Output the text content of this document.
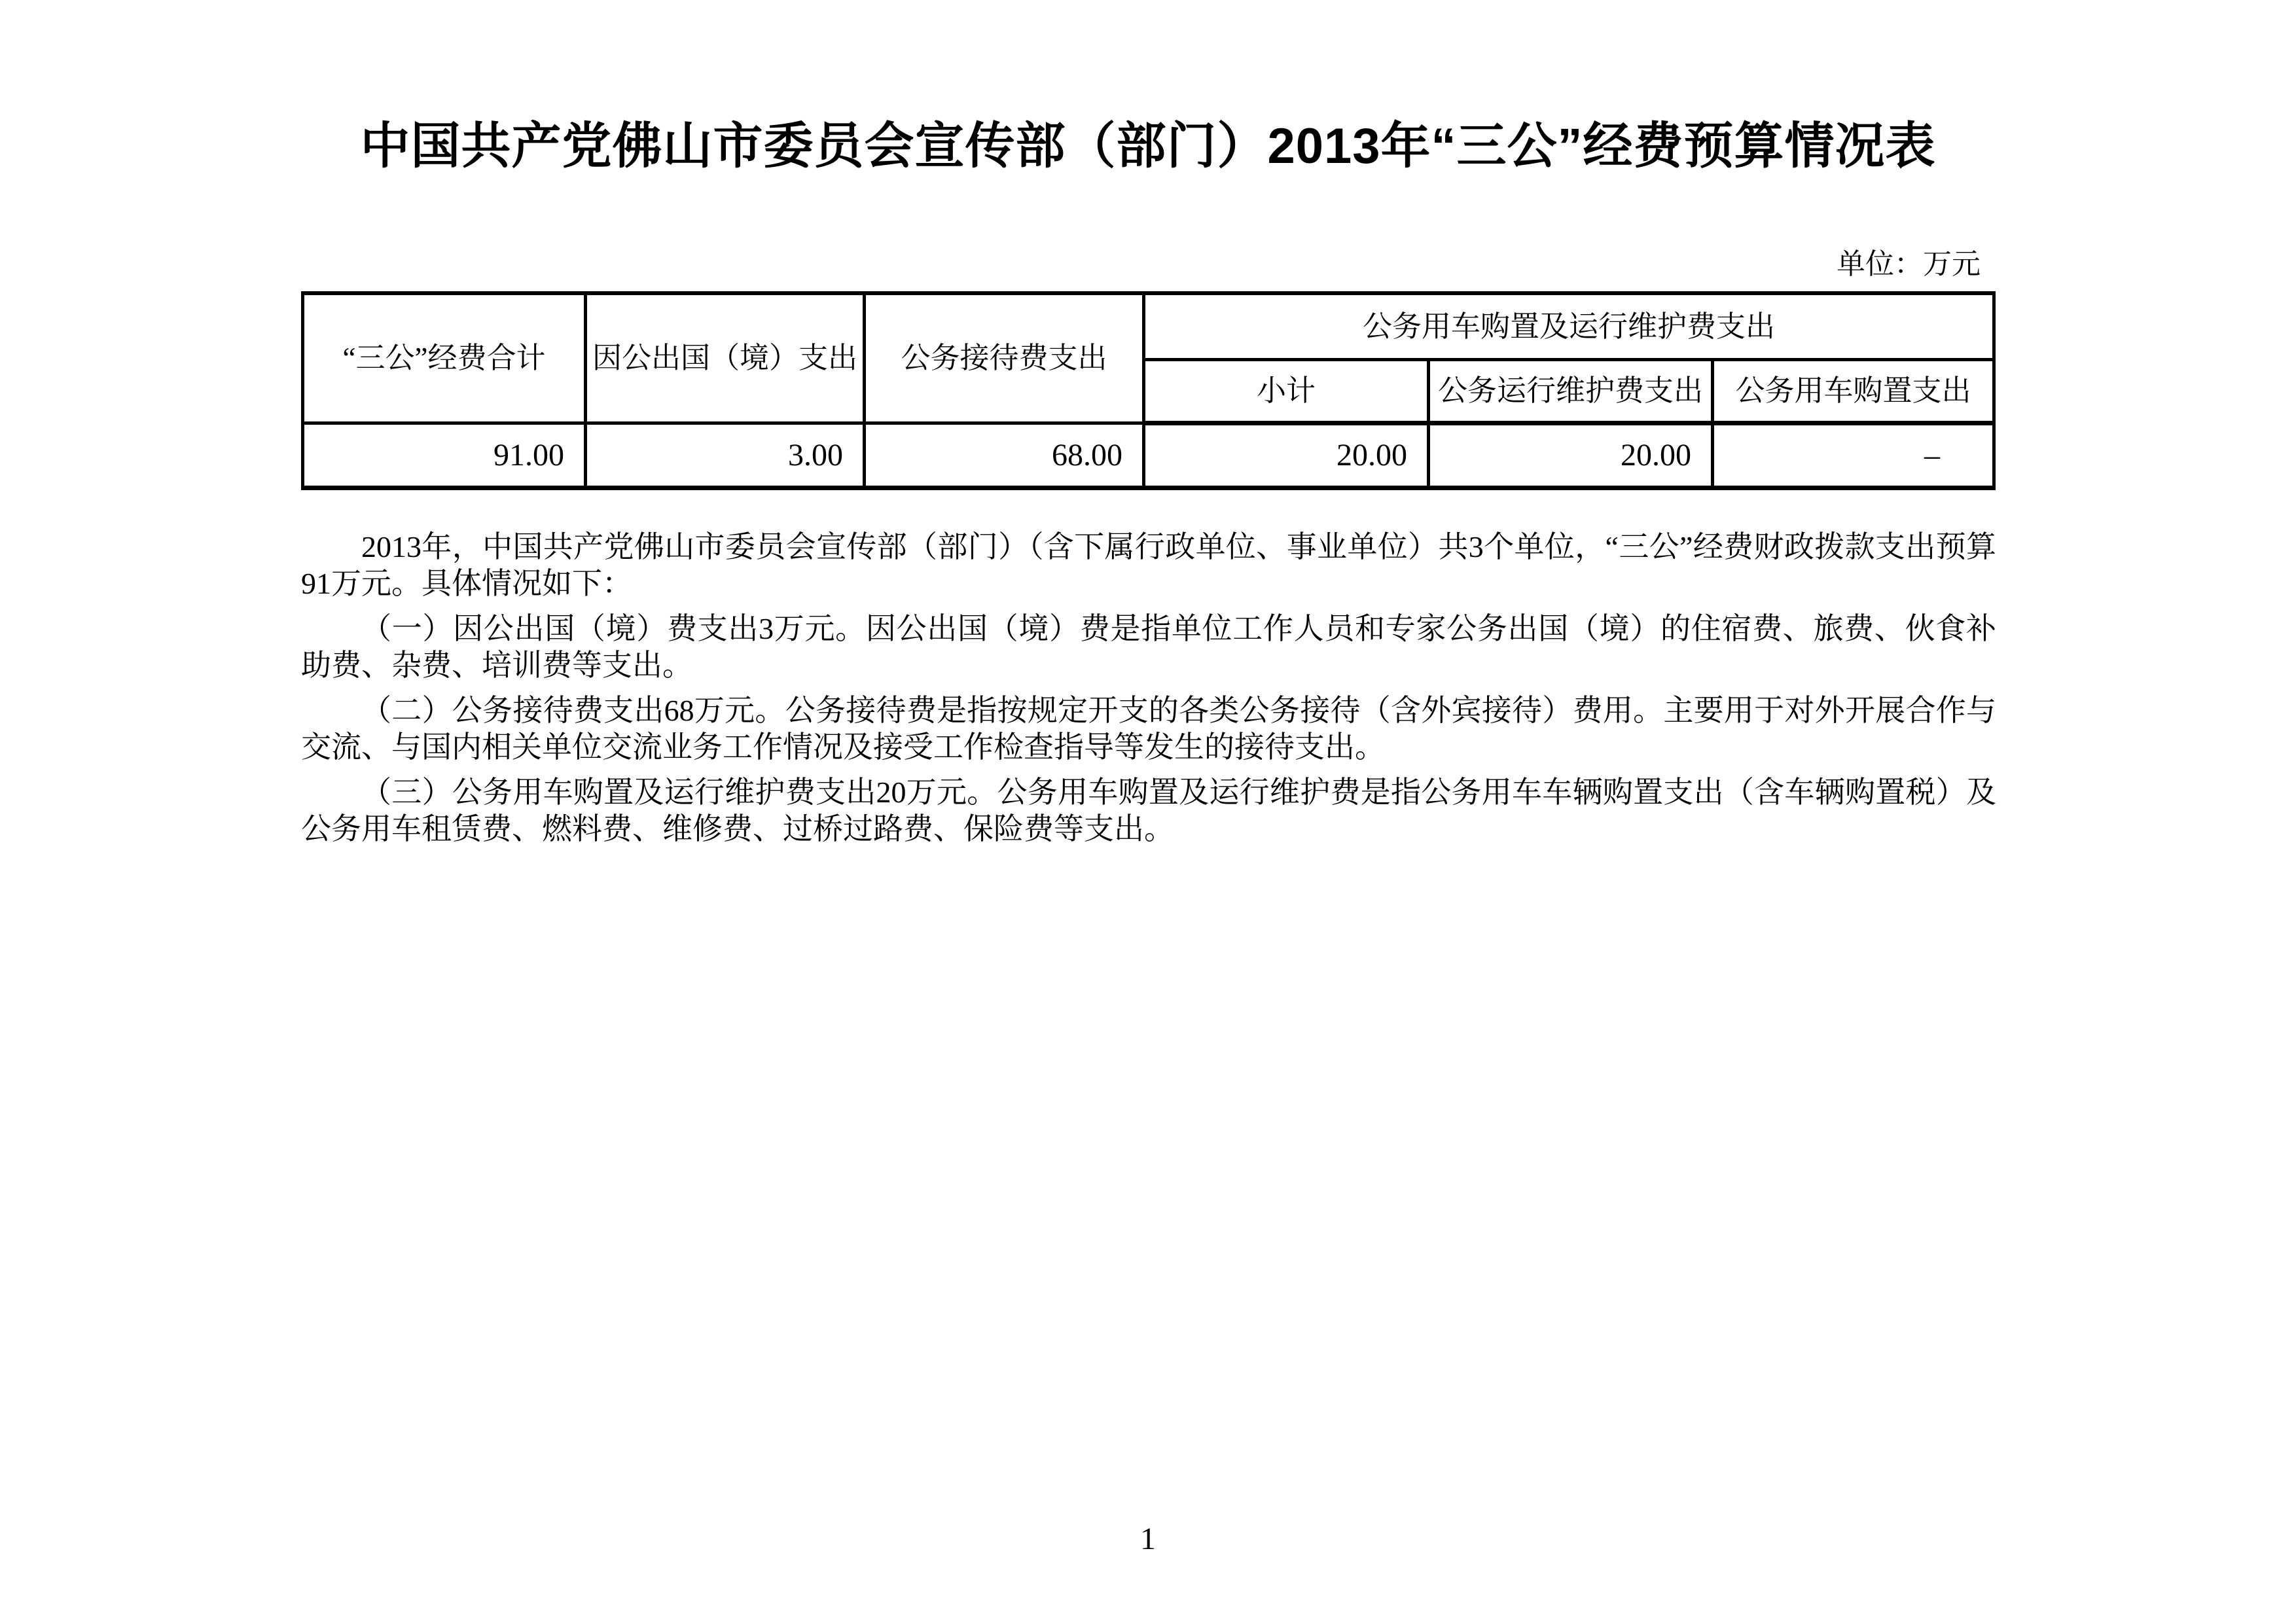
中国共产党佛山市委员会宣传部（部门）2013年“三公”经费预算情况表
单位：万元
“三公”经费合计	因公出国（境）支出	公务接待费支出	公务用车购置及运行维护费支出		
			小计	公务运行维护费支出	公务用车购置支出
91.00	3.00	68.00	20.00	20.00	–

2013年，中国共产党佛山市委员会宣传部（部门）（含下属行政单位、事业单位）共3个单位，“三公”经费财政拨款支出预算91万元。具体情况如下：

（一）因公出国（境）费支出3万元。因公出国（境）费是指单位工作人员和专家公务出国（境）的住宿费、旅费、伙食补助费、杂费、培训费等支出。

（二）公务接待费支出68万元。公务接待费是指按规定开支的各类公务接待（含外宾接待）费用。主要用于对外开展合作与交流、与国内相关单位交流业务工作情况及接受工作检查指导等发生的接待支出。

（三）公务用车购置及运行维护费支出20万元。公务用车购置及运行维护费是指公务用车车辆购置支出（含车辆购置税）及公务用车租赁费、燃料费、维修费、过桥过路费、保险费等支出。

1
